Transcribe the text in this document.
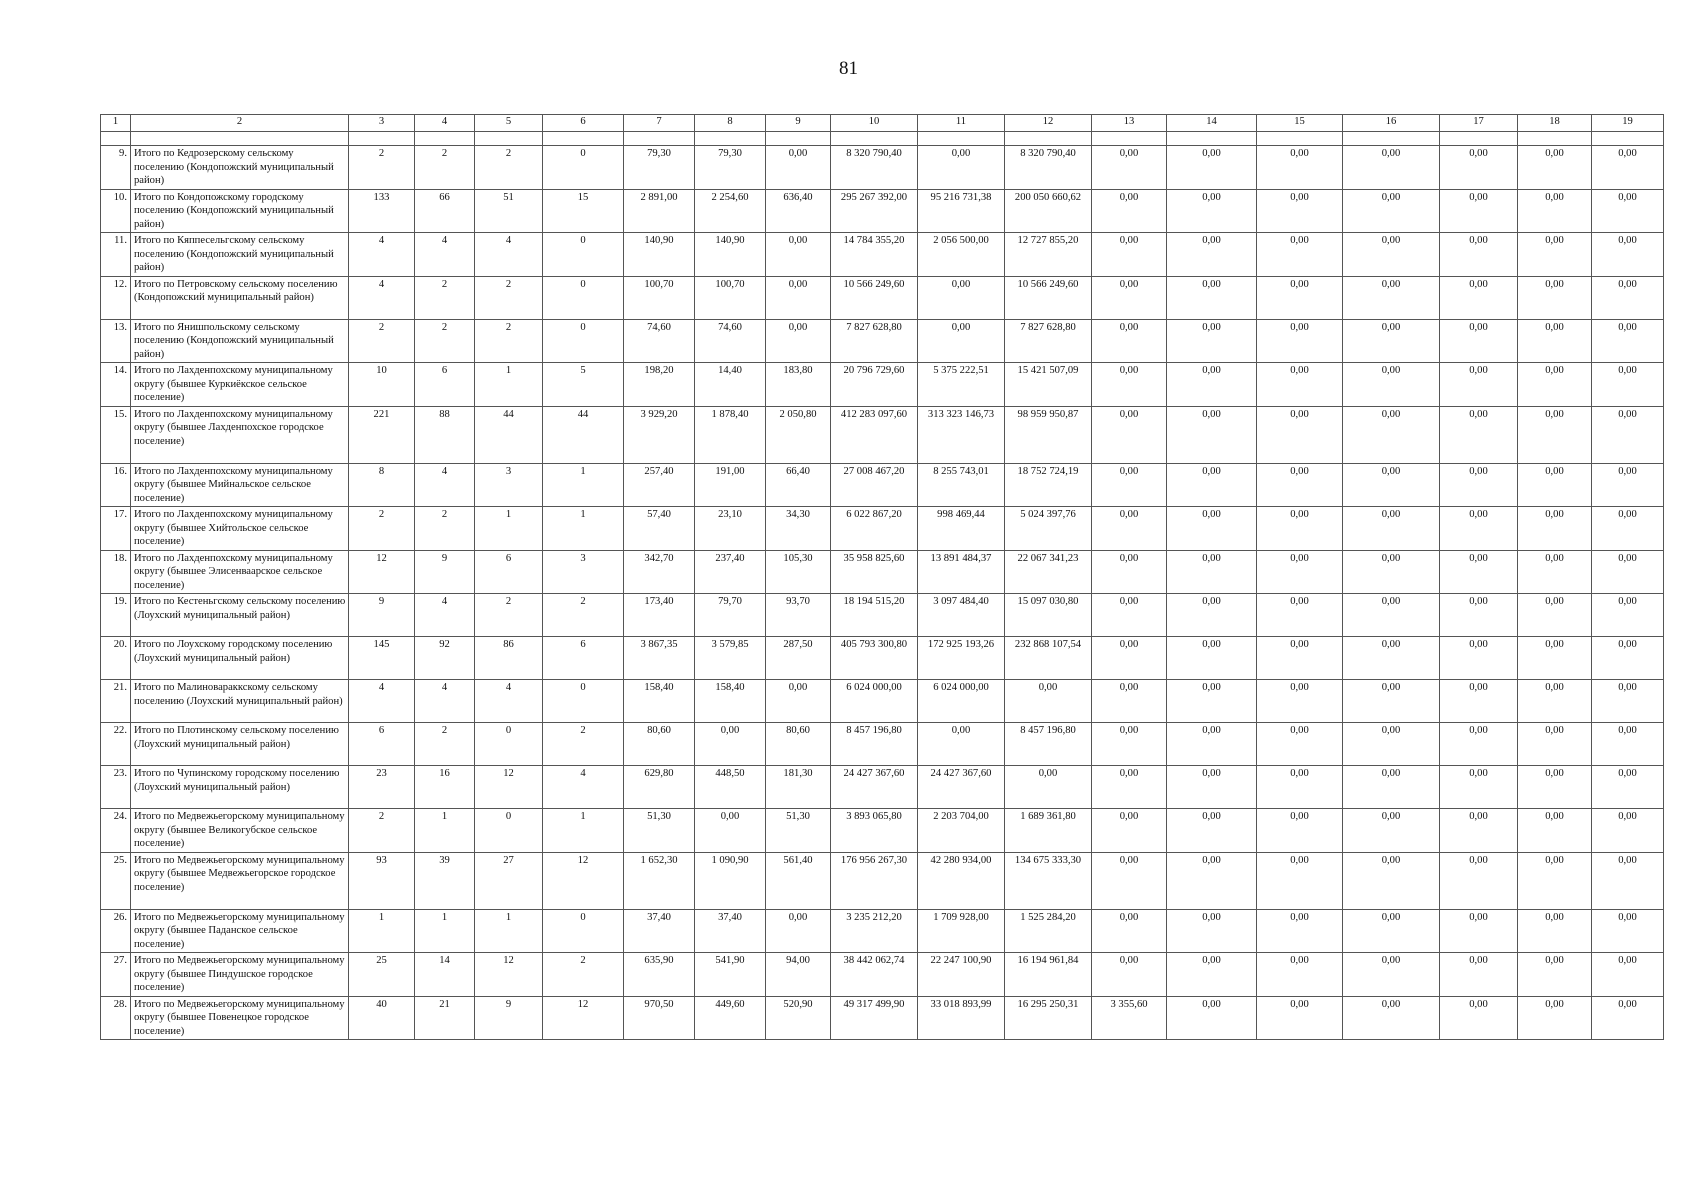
81
1	2	3	4	5	6	7	8	9	10	11	12	13	14	15	16	17	18	19

9.	Итого по Кедрозерскому сельскому поселению (Кондопожский муниципальный район)	2	2	2	0	79,30	79,30	0,00	8 320 790,40	0,00	8 320 790,40	0,00	0,00	0,00	0,00	0,00	0,00	0,00
10.	Итого по Кондопожскому городскому поселению (Кондопожский муниципальный район)	133	66	51	15	2 891,00	2 254,60	636,40	295 267 392,00	95 216 731,38	200 050 660,62	0,00	0,00	0,00	0,00	0,00	0,00	0,00
11.	Итого по Кяппесельгскому сельскому поселению (Кондопожский муниципальный район)	4	4	4	0	140,90	140,90	0,00	14 784 355,20	2 056 500,00	12 727 855,20	0,00	0,00	0,00	0,00	0,00	0,00	0,00
12.	Итого по Петровскому сельскому поселению (Кондопожский муниципальный район)	4	2	2	0	100,70	100,70	0,00	10 566 249,60	0,00	10 566 249,60	0,00	0,00	0,00	0,00	0,00	0,00	0,00
13.	Итого по Янишпольскому сельскому поселению (Кондопожский муниципальный район)	2	2	2	0	74,60	74,60	0,00	7 827 628,80	0,00	7 827 628,80	0,00	0,00	0,00	0,00	0,00	0,00	0,00
14.	Итого по Лахденпохскому муниципальному округу (бывшее Куркиёкское сельское поселение)	10	6	1	5	198,20	14,40	183,80	20 796 729,60	5 375 222,51	15 421 507,09	0,00	0,00	0,00	0,00	0,00	0,00	0,00
15.	Итого по Лахденпохскому муниципальному округу (бывшее Лахденпохское городское поселение)	221	88	44	44	3 929,20	1 878,40	2 050,80	412 283 097,60	313 323 146,73	98 959 950,87	0,00	0,00	0,00	0,00	0,00	0,00	0,00
16.	Итого по Лахденпохскому муниципальному округу (бывшее Мийнальское сельское поселение)	8	4	3	1	257,40	191,00	66,40	27 008 467,20	8 255 743,01	18 752 724,19	0,00	0,00	0,00	0,00	0,00	0,00	0,00
17.	Итого по Лахденпохскому муниципальному округу (бывшее Хийтольское сельское поселение)	2	2	1	1	57,40	23,10	34,30	6 022 867,20	998 469,44	5 024 397,76	0,00	0,00	0,00	0,00	0,00	0,00	0,00
18.	Итого по Лахденпохскому муниципальному округу (бывшее Элисенваарское сельское поселение)	12	9	6	3	342,70	237,40	105,30	35 958 825,60	13 891 484,37	22 067 341,23	0,00	0,00	0,00	0,00	0,00	0,00	0,00
19.	Итого по Кестеньгскому сельскому поселению (Лоухский муниципальный район)	9	4	2	2	173,40	79,70	93,70	18 194 515,20	3 097 484,40	15 097 030,80	0,00	0,00	0,00	0,00	0,00	0,00	0,00
20.	Итого по Лоухскому городскому поселению (Лоухский муниципальный район)	145	92	86	6	3 867,35	3 579,85	287,50	405 793 300,80	172 925 193,26	232 868 107,54	0,00	0,00	0,00	0,00	0,00	0,00	0,00
21.	Итого по Малиновараккскому сельскому поселению (Лоухский муниципальный район)	4	4	4	0	158,40	158,40	0,00	6 024 000,00	6 024 000,00	0,00	0,00	0,00	0,00	0,00	0,00	0,00	0,00
22.	Итого по Плотинскому сельскому поселению (Лоухский муниципальный район)	6	2	0	2	80,60	0,00	80,60	8 457 196,80	0,00	8 457 196,80	0,00	0,00	0,00	0,00	0,00	0,00	0,00
23.	Итого по Чупинскому городскому поселению (Лоухский муниципальный район)	23	16	12	4	629,80	448,50	181,30	24 427 367,60	24 427 367,60	0,00	0,00	0,00	0,00	0,00	0,00	0,00	0,00
24.	Итого по Медвежьегорскому муниципальному округу (бывшее Великогубское сельское поселение)	2	1	0	1	51,30	0,00	51,30	3 893 065,80	2 203 704,00	1 689 361,80	0,00	0,00	0,00	0,00	0,00	0,00	0,00
25.	Итого по Медвежьегорскому муниципальному округу (бывшее Медвежьегорское городское поселение)	93	39	27	12	1 652,30	1 090,90	561,40	176 956 267,30	42 280 934,00	134 675 333,30	0,00	0,00	0,00	0,00	0,00	0,00	0,00
26.	Итого по Медвежьегорскому муниципальному округу (бывшее Паданское сельское поселение)	1	1	1	0	37,40	37,40	0,00	3 235 212,20	1 709 928,00	1 525 284,20	0,00	0,00	0,00	0,00	0,00	0,00	0,00
27.	Итого по Медвежьегорскому муниципальному округу (бывшее Пиндушское городское поселение)	25	14	12	2	635,90	541,90	94,00	38 442 062,74	22 247 100,90	16 194 961,84	0,00	0,00	0,00	0,00	0,00	0,00	0,00
28.	Итого по Медвежьегорскому муниципальному округу (бывшее Повенецкое городское поселение)	40	21	9	12	970,50	449,60	520,90	49 317 499,90	33 018 893,99	16 295 250,31	3 355,60	0,00	0,00	0,00	0,00	0,00	0,00
